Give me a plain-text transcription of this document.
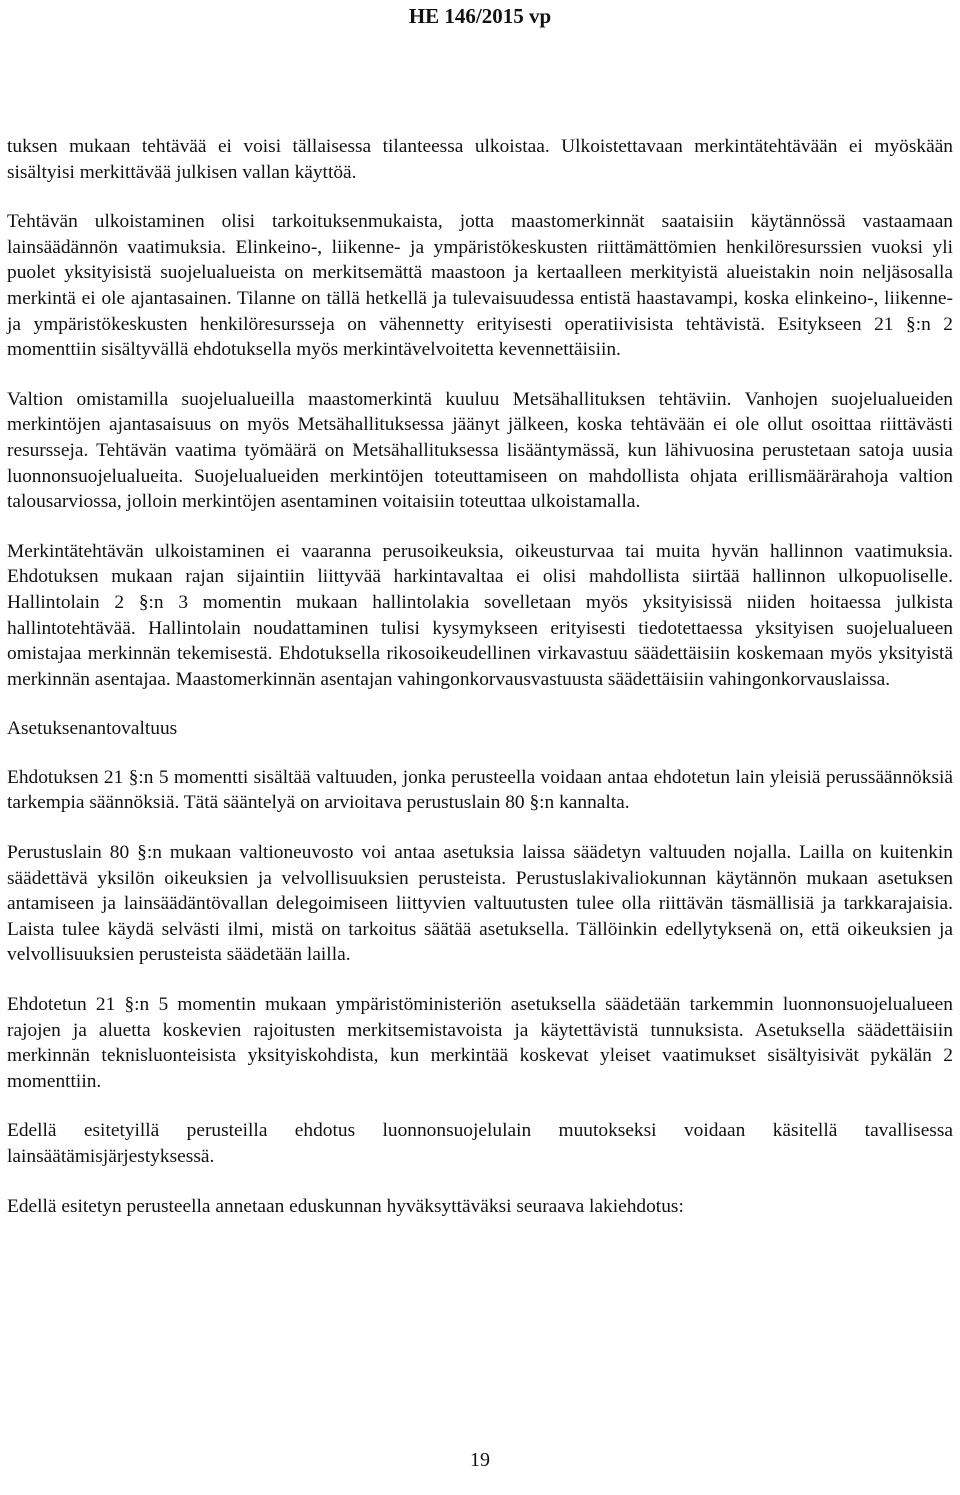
HE 146/2015 vp

tuksen mukaan tehtävää ei voisi tällaisessa tilanteessa ulkoistaa. Ulkoistettavaan merkintätehtävään ei myöskään sisältyisi merkittävää julkisen vallan käyttöä.

Tehtävän ulkoistaminen olisi tarkoituksenmukaista, jotta maastomerkinnät saataisiin käytännössä vastaamaan lainsäädännön vaatimuksia. Elinkeino-, liikenne- ja ympäristökeskusten riittämättömien henkilöresurssien vuoksi yli puolet yksityisistä suojelualueista on merkitsemättä maastoon ja kertaalleen merkityistä alueistakin noin neljäsosalla merkintä ei ole ajantasainen. Tilanne on tällä hetkellä ja tulevaisuudessa entistä haastavampi, koska elinkeino-, liikenne- ja ympäristökeskusten henkilöresursseja on vähennetty erityisesti operatiivisista tehtävistä. Esitykseen 21 §:n 2 momenttiin sisältyvällä ehdotuksella myös merkintävelvoitetta kevennettäisiin.

Valtion omistamilla suojelualueilla maastomerkintä kuuluu Metsähallituksen tehtäviin. Vanhojen suojelualueiden merkintöjen ajantasaisuus on myös Metsähallituksessa jäänyt jälkeen, koska tehtävään ei ole ollut osoittaa riittävästi resursseja. Tehtävän vaatima työmäärä on Metsähallituksessa lisääntymässä, kun lähivuosina perustetaan satoja uusia luonnonsuojelualueita. Suojelualueiden merkintöjen toteuttamiseen on mahdollista ohjata erillismäärärahoja valtion talousarviossa, jolloin merkintöjen asentaminen voitaisiin toteuttaa ulkoistamalla.

Merkintätehtävän ulkoistaminen ei vaaranna perusoikeuksia, oikeusturvaa tai muita hyvän hallinnon vaatimuksia. Ehdotuksen mukaan rajan sijaintiin liittyvää harkintavaltaa ei olisi mahdollista siirtää hallinnon ulkopuoliselle. Hallintolain 2 §:n 3 momentin mukaan hallintolakia sovelletaan myös yksityisissä niiden hoitaessa julkista hallintotehtävää. Hallintolain noudattaminen tulisi kysymykseen erityisesti tiedotettaessa yksityisen suojelualueen omistajaa merkinnän tekemisestä. Ehdotuksella rikosoikeudellinen virkavastuu säädettäisiin koskemaan myös yksityistä merkinnän asentajaa. Maastomerkinnän asentajan vahingonkorvausvastuusta säädettäisiin vahingonkorvauslaissa.

Asetuksenantovaltuus

Ehdotuksen 21 §:n 5 momentti sisältää valtuuden, jonka perusteella voidaan antaa ehdotetun lain yleisiä perussäännöksiä tarkempia säännöksiä. Tätä sääntelyä on arvioitava perustuslain 80 §:n kannalta.

Perustuslain 80 §:n mukaan valtioneuvosto voi antaa asetuksia laissa säädetyn valtuuden nojalla. Lailla on kuitenkin säädettävä yksilön oikeuksien ja velvollisuuksien perusteista. Perustuslakivaliokunnan käytännön mukaan asetuksen antamiseen ja lainsäädäntövallan delegoimiseen liittyvien valtuutusten tulee olla riittävän täsmällisiä ja tarkkarajaisia. Laista tulee käydä selvästi ilmi, mistä on tarkoitus säätää asetuksella. Tällöinkin edellytyksenä on, että oikeuksien ja velvollisuuksien perusteista säädetään lailla.

Ehdotetun 21 §:n 5 momentin mukaan ympäristöministeriön asetuksella säädetään tarkemmin luonnonsuojelualueen rajojen ja aluetta koskevien rajoitusten merkitsemistavoista ja käytettävistä tunnuksista. Asetuksella säädettäisiin merkinnän teknisluonteisista yksityiskohdista, kun merkintää koskevat yleiset vaatimukset sisältyisivät pykälän 2 momenttiin.

Edellä esitetyillä perusteilla ehdotus luonnonsuojelulain muutokseksi voidaan käsitellä tavallisessa lainsäätämisjärjestyksessä.

Edellä esitetyn perusteella annetaan eduskunnan hyväksyttäväksi seuraava lakiehdotus:

19
